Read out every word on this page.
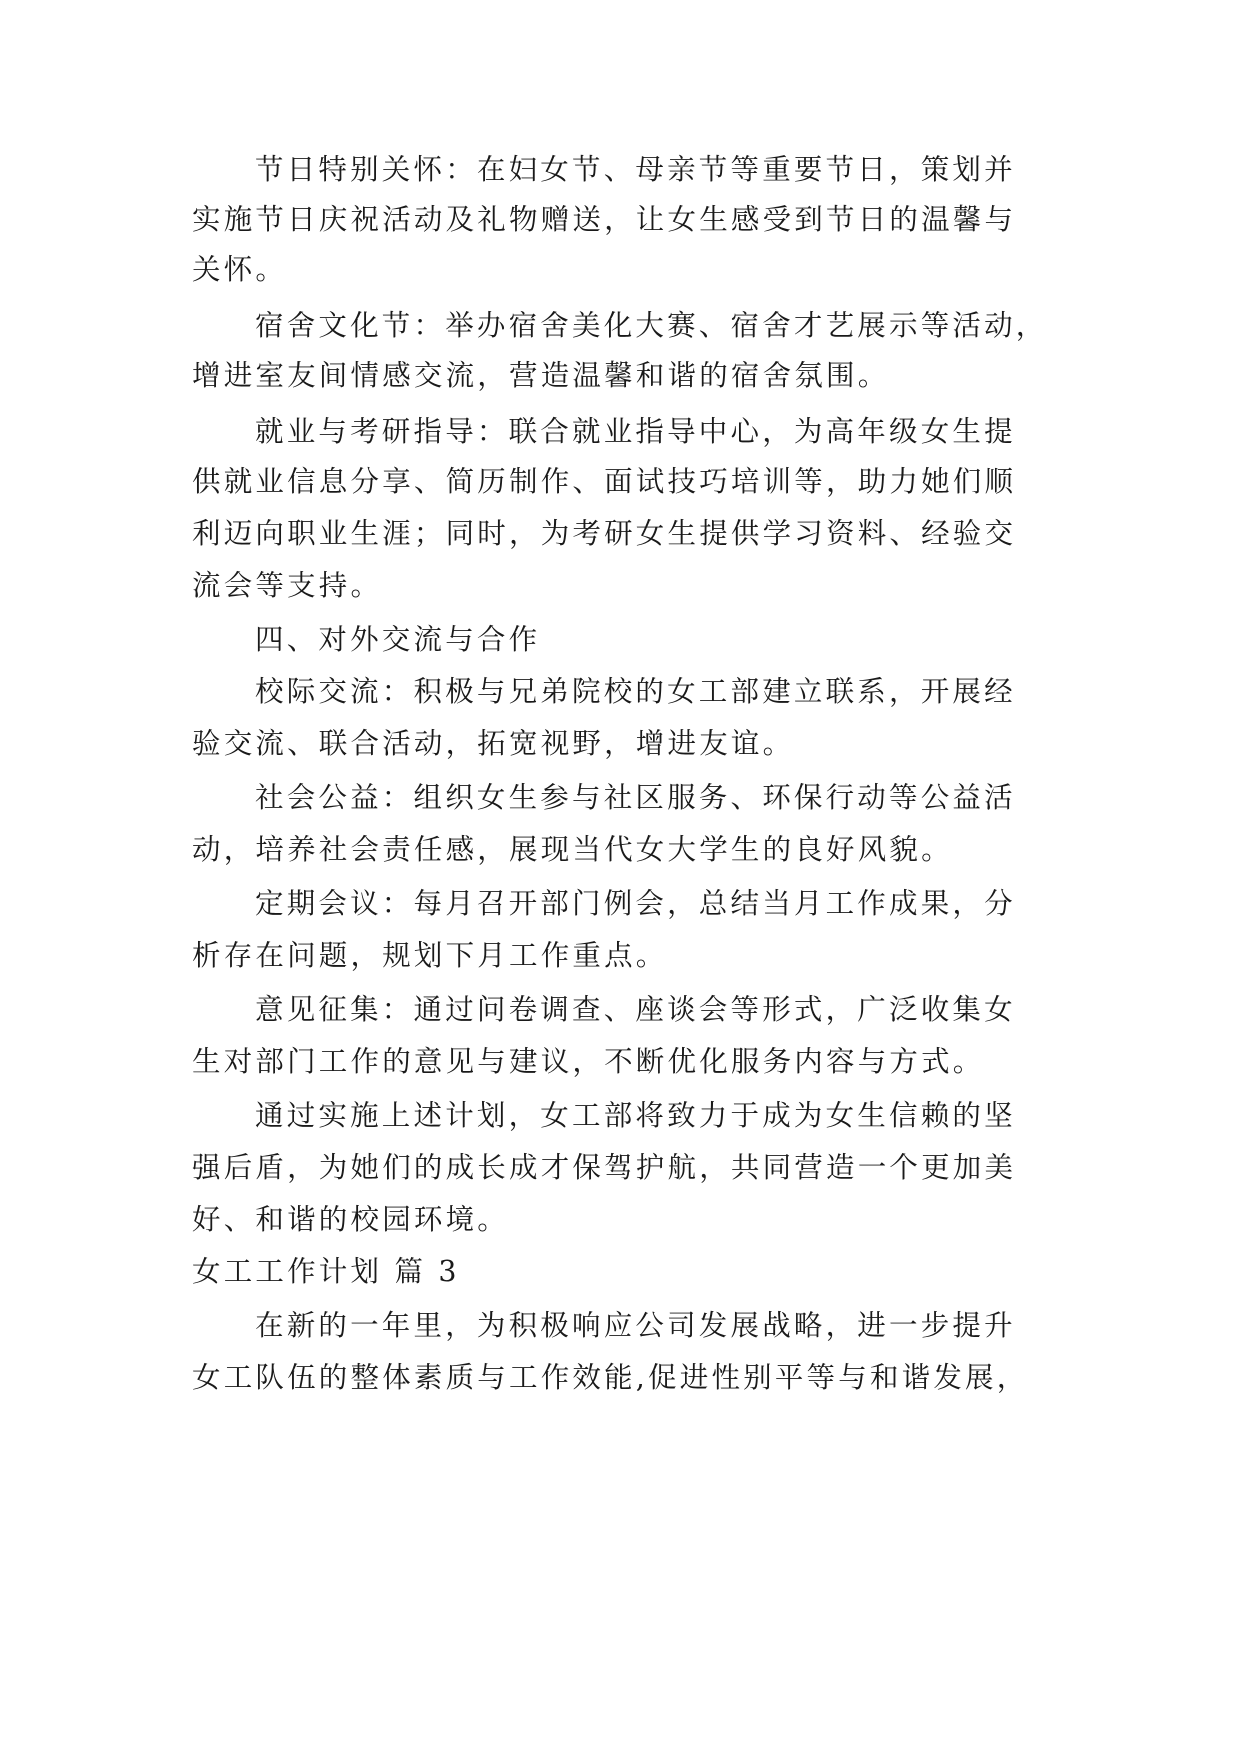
节日特别关怀：在妇女节、母亲节等重要节日，策划并
实施节日庆祝活动及礼物赠送，让女生感受到节日的温馨与
关怀。
宿舍文化节：举办宿舍美化大赛、宿舍才艺展示等活动，
增进室友间情感交流，营造温馨和谐的宿舍氛围。
就业与考研指导：联合就业指导中心，为高年级女生提
供就业信息分享、简历制作、面试技巧培训等，助力她们顺
利迈向职业生涯；同时，为考研女生提供学习资料、经验交
流会等支持。
四、对外交流与合作
校际交流：积极与兄弟院校的女工部建立联系，开展经
验交流、联合活动，拓宽视野，增进友谊。
社会公益：组织女生参与社区服务、环保行动等公益活
动，培养社会责任感，展现当代女大学生的良好风貌。
定期会议：每月召开部门例会，总结当月工作成果，分
析存在问题，规划下月工作重点。
意见征集：通过问卷调查、座谈会等形式，广泛收集女
生对部门工作的意见与建议，不断优化服务内容与方式。
通过实施上述计划，女工部将致力于成为女生信赖的坚
强后盾，为她们的成长成才保驾护航，共同营造一个更加美
好、和谐的校园环境。
女工工作计划 篇 3
在新的一年里，为积极响应公司发展战略，进一步提升
女工队伍的整体素质与工作效能,促进性别平等与和谐发展，
